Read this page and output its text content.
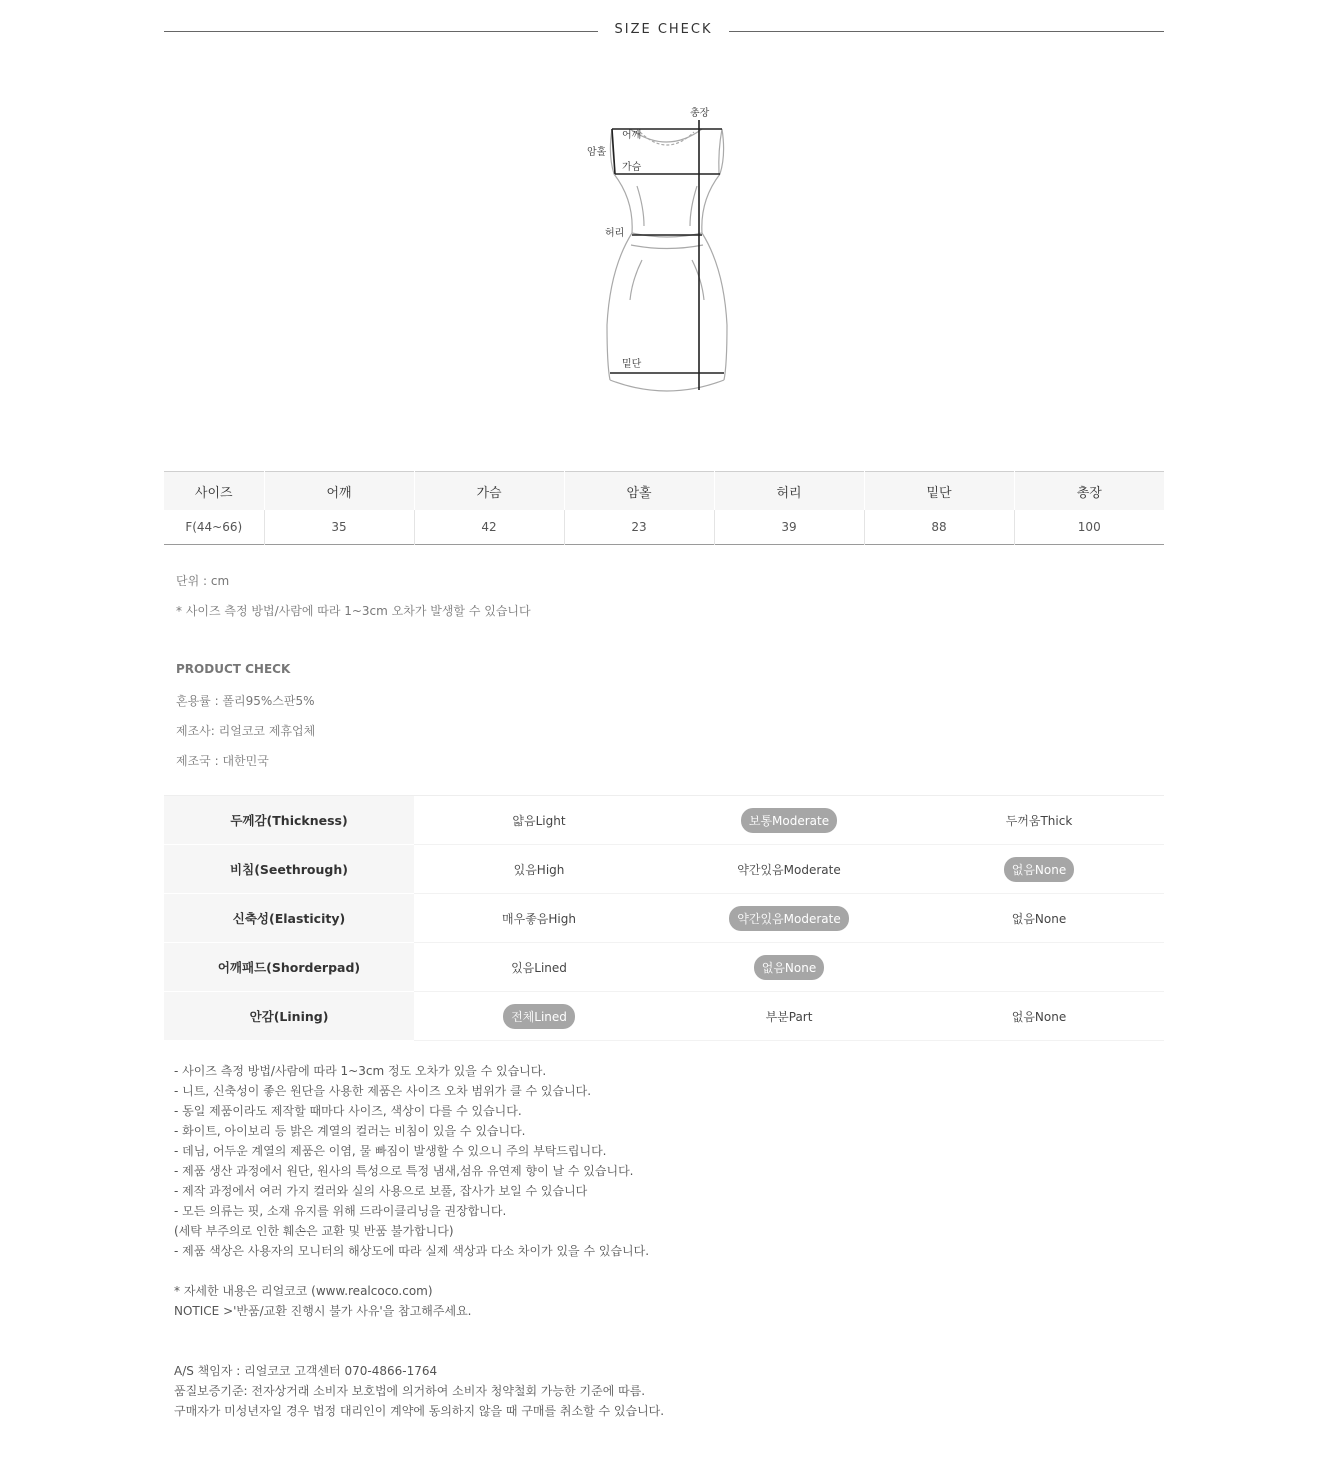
SIZE CHECK
총장
어깨
암홀
가슴
허리
밑단
사이즈	어깨	가슴	암홀	허리	밑단	총장
F(44~66)	35	42	23	39	88	100
단위 : cm
* 사이즈 측정 방법/사람에 따라 1~3cm 오차가 발생할 수 있습니다
PRODUCT CHECK
혼용률 : 폴리95%스판5%
제조사: 리얼코코 제휴업체
제조국 : 대한민국
두께감(Thickness)	얇음Light	보통Moderate	두꺼움Thick
비침(Seethrough)	있음High	약간있음Moderate	없음None
신축성(Elasticity)	매우좋음High	약간있음Moderate	없음None
어깨패드(Shorderpad)	있음Lined	없음None	
안감(Lining)	전체Lined	부분Part	없음None
- 사이즈 측정 방법/사람에 따라 1~3cm 정도 오차가 있을 수 있습니다.
- 니트, 신축성이 좋은 원단을 사용한 제품은 사이즈 오차 범위가 클 수 있습니다.
- 동일 제품이라도 제작할 때마다 사이즈, 색상이 다를 수 있습니다.
- 화이트, 아이보리 등 밝은 계열의 컬러는 비침이 있을 수 있습니다.
- 데님, 어두운 계열의 제품은 이염, 물 빠짐이 발생할 수 있으니 주의 부탁드립니다.
- 제품 생산 과정에서 원단, 원사의 특성으로 특정 냄새,섬유 유연제 향이 날 수 있습니다.
- 제작 과정에서 여러 가지 컬러와 실의 사용으로 보풀, 잡사가 보일 수 있습니다
- 모든 의류는 핏, 소재 유지를 위해 드라이클리닝을 권장합니다.
(세탁 부주의로 인한 훼손은 교환 및 반품 불가합니다)
- 제품 색상은 사용자의 모니터의 해상도에 따라 실제 색상과 다소 차이가 있을 수 있습니다.
* 자세한 내용은 리얼코코 (www.realcoco.com)
NOTICE >'반품/교환 진행시 불가 사유'을 참고해주세요.
A/S 책임자 : 리얼코코 고객센터 070-4866-1764
품질보증기준: 전자상거래 소비자 보호법에 의거하여 소비자 청약철회 가능한 기준에 따름.
구매자가 미성년자일 경우 법정 대리인이 계약에 동의하지 않을 때 구매를 취소할 수 있습니다.
